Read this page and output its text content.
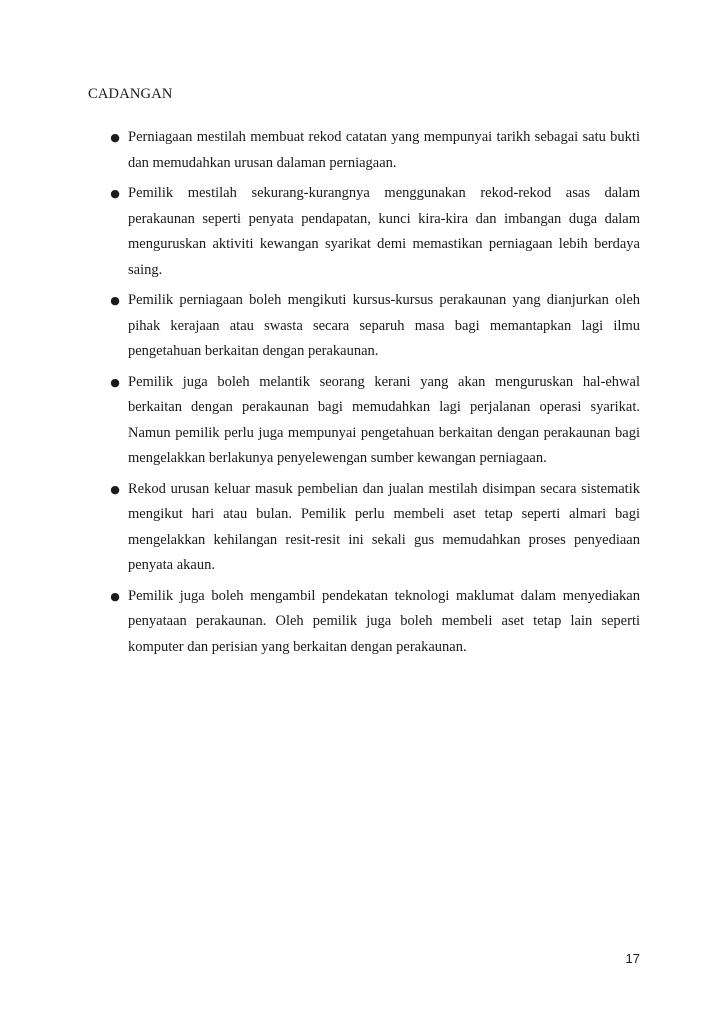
CADANGAN
● Perniagaan mestilah membuat rekod catatan yang mempunyai tarikh sebagai satu bukti dan memudahkan urusan dalaman perniagaan.
● Pemilik mestilah sekurang-kurangnya menggunakan rekod-rekod asas dalam perakaunan seperti penyata pendapatan, kunci kira-kira dan imbangan duga dalam menguruskan aktiviti kewangan syarikat demi memastikan perniagaan lebih berdaya saing.
● Pemilik perniagaan boleh mengikuti kursus-kursus perakaunan yang dianjurkan oleh pihak kerajaan atau swasta secara separuh masa bagi memantapkan lagi ilmu pengetahuan berkaitan dengan perakaunan.
● Pemilik juga boleh melantik seorang kerani yang akan menguruskan hal-ehwal berkaitan dengan perakaunan bagi memudahkan lagi perjalanan operasi syarikat. Namun pemilik perlu juga mempunyai pengetahuan berkaitan dengan perakaunan bagi mengelakkan berlakunya penyelewengan sumber kewangan perniagaan.
● Rekod urusan keluar masuk pembelian dan jualan mestilah disimpan secara sistematik mengikut hari atau bulan. Pemilik perlu membeli aset tetap seperti almari bagi mengelakkan kehilangan resit-resit ini sekali gus memudahkan proses penyediaan penyata akaun.
● Pemilik juga boleh mengambil pendekatan teknologi maklumat dalam menyediakan penyataan perakaunan. Oleh pemilik juga boleh membeli aset tetap lain seperti komputer dan perisian yang berkaitan dengan perakaunan.
17
